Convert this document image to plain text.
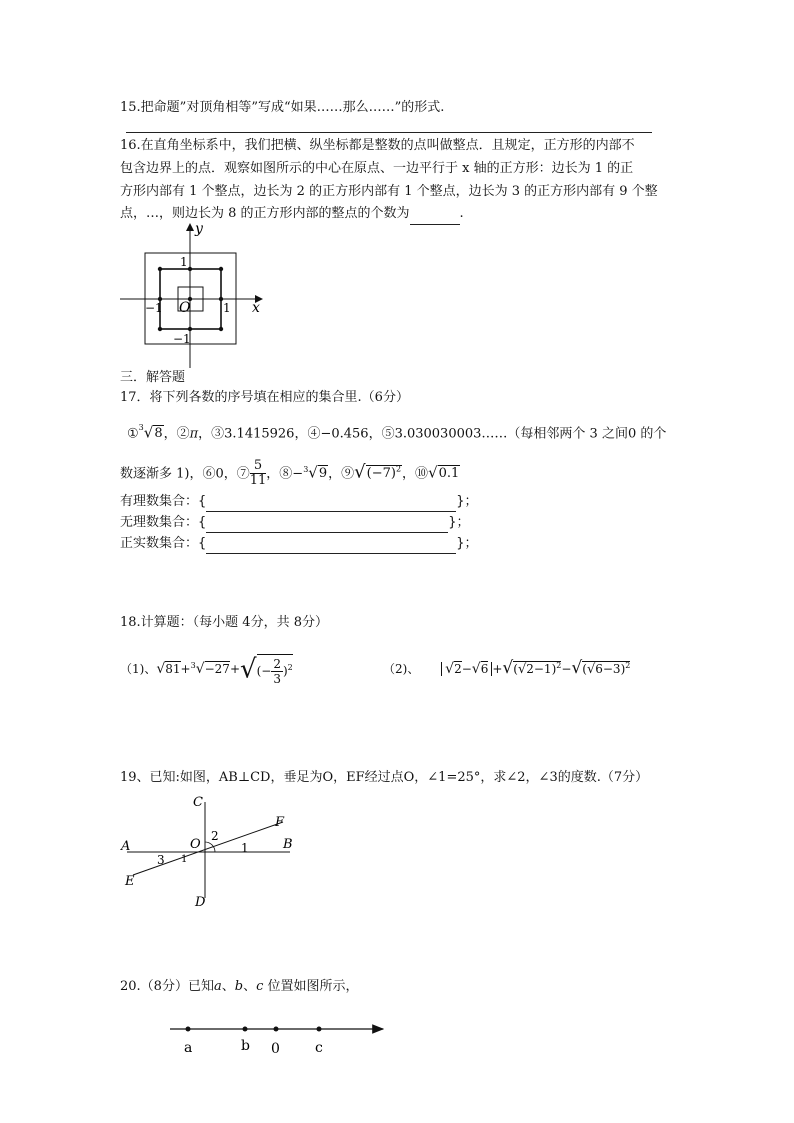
15.把命题”对顶角相等”写成“如果……那么……”的形式.
16.在直角坐标系中，我们把横、纵坐标都是整数的点叫做整点．且规定，正方形的内部不
包含边界上的点．观察如图所示的中心在原点、一边平行于 x 轴的正方形：边长为 1 的正
方形内部有 1 个整点，边长为 2 的正方形内部有 1 个整点，边长为 3 的正方形内部有 9 个整
点，…，则边长为 8 的正方形内部的整点的个数为	.
y
x
O
1
1
−1
−1
三．解答题
17．将下列各数的序号填在相应的集合里.（6分）
①$^3$√8，②π，③3.1415926，④−0.456，⑤3.030030003……（每相邻两个 3 之间0 的个
数逐渐多 1)，⑥0，⑦ $\frac{5}{11}$ ，⑧−$^3$√9，$⑨√(-7)^2$，⑩√0.1
有理数集合：{	}；
无理数集合：{	}；
正实数集合：{	}；
18.计算题：（每小题 4分，共 8分）
（1)、$√81+^3√-27+√(- \frac{2}{3} )^2$	（2)、 $√2-√6 +√(√2-1)^2-√(√6-3)^2$
19、已知:如图，AB⊥CD，垂足为O，EF经过点O，∠1=25°，求∠2，∠3的度数.（7分）
C
D
A	B
E
F
O
2
1
3 1
20.（8分）已知a、b、c 位置如图所示，
a	b 0	c
